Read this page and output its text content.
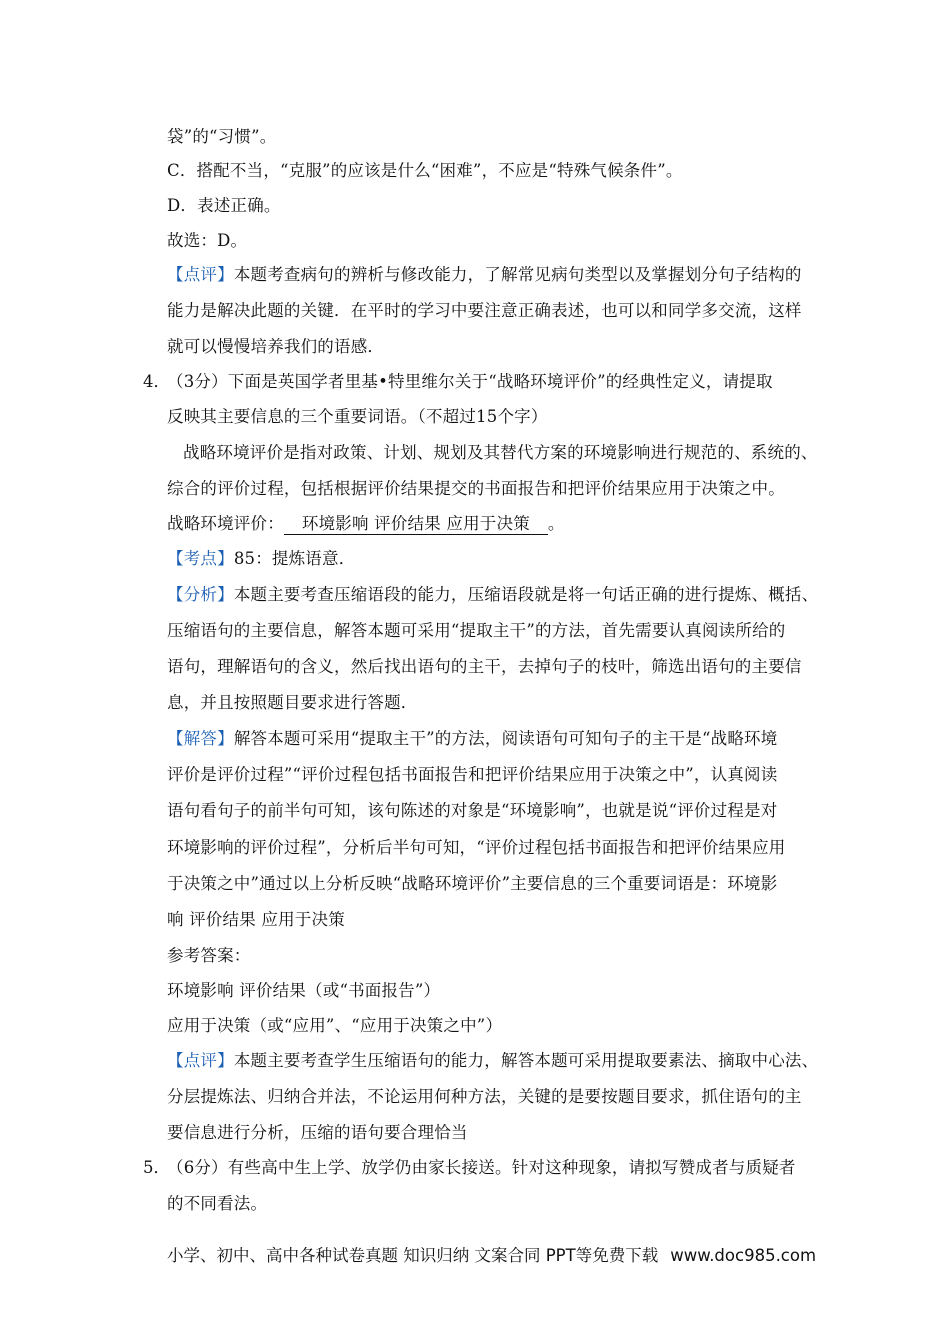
袋”的“习惯”。
C．搭配不当，“克服”的应该是什么“困难”，不应是“特殊气候条件”。
D．表述正确。
故选：D。
【点评】本题考查病句的辨析与修改能力，了解常见病句类型以及掌握划分句子结构的
能力是解决此题的关键．在平时的学习中要注意正确表述，也可以和同学多交流，这样
就可以慢慢培养我们的语感．
4．
（3分）下面是英国学者里基•特里维尔关于“战略环境评价”的经典性定义，请提取
反映其主要信息的三个重要词语。（不超过15个字）
战略环境评价是指对政策、计划、规划及其替代方案的环境影响进行规范的、系统的、
综合的评价过程，包括根据评价结果提交的书面报告和把评价结果应用于决策之中。
战略环境评价： 环境影响 评价结果 应用于决策 。
【考点】85：提炼语意．
【分析】本题主要考查压缩语段的能力，压缩语段就是将一句话正确的进行提炼、概括、
压缩语句的主要信息，解答本题可采用“提取主干”的方法，首先需要认真阅读所给的
语句，理解语句的含义，然后找出语句的主干，去掉句子的枝叶，筛选出语句的主要信
息，并且按照题目要求进行答题．
【解答】解答本题可采用“提取主干”的方法，阅读语句可知句子的主干是“战略环境
评价是评价过程”“评价过程包括书面报告和把评价结果应用于决策之中”，认真阅读
语句看句子的前半句可知，该句陈述的对象是“环境影响”，也就是说“评价过程是对
环境影响的评价过程”，分析后半句可知，“评价过程包括书面报告和把评价结果应用
于决策之中”通过以上分析反映“战略环境评价”主要信息的三个重要词语是：环境影
响 评价结果 应用于决策
参考答案：
环境影响 评价结果（或“书面报告”）
应用于决策（或“应用”、“应用于决策之中”）
【点评】本题主要考查学生压缩语句的能力，解答本题可采用提取要素法、摘取中心法、
分层提炼法、归纳合并法，不论运用何种方法，关键的是要按题目要求，抓住语句的主
要信息进行分析，压缩的语句要合理恰当
5．
（6分）有些高中生上学、放学仍由家长接送。针对这种现象，请拟写赞成者与质疑者
的不同看法。
小学、初中、高中各种试卷真题 知识归纳 文案合同 PPT等免费下载 www.doc985.com
